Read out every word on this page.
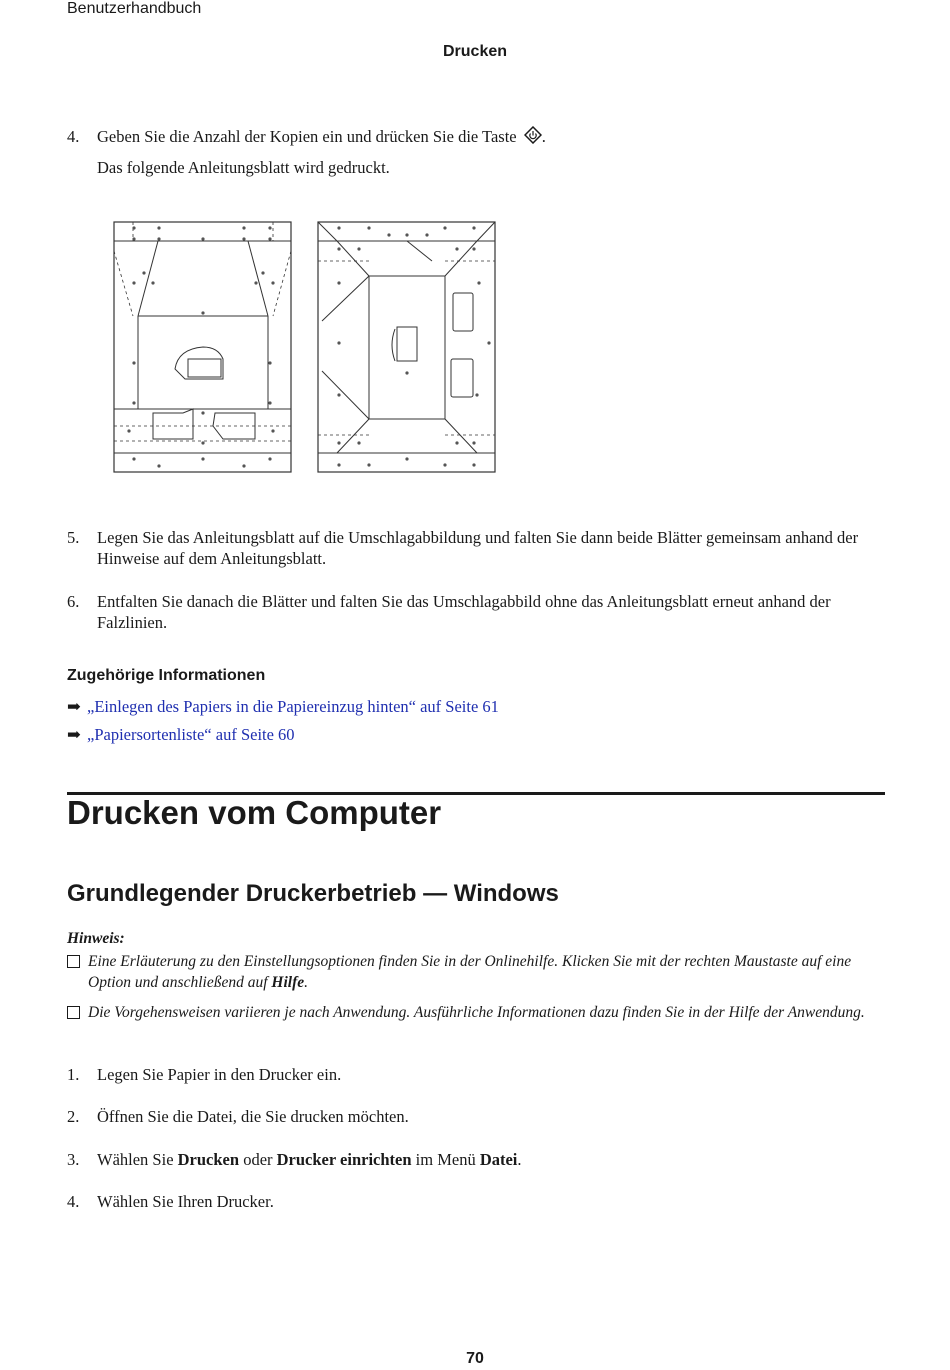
Benutzerhandbuch
Drucken
4. Geben Sie die Anzahl der Kopien ein und drücken Sie die Taste .
Das folgende Anleitungsblatt wird gedruckt.
5. Legen Sie das Anleitungsblatt auf die Umschlagabbildung und falten Sie dann beide Blätter gemeinsam anhand der Hinweise auf dem Anleitungsblatt.
6. Entfalten Sie danach die Blätter und falten Sie das Umschlagabbild ohne das Anleitungsblatt erneut anhand der Falzlinien.
Zugehörige Informationen
➡ „Einlegen des Papiers in die Papiereinzug hinten“ auf Seite 61
➡ „Papiersortenliste“ auf Seite 60
Drucken vom Computer
Grundlegender Druckerbetrieb — Windows
Hinweis:
Eine Erläuterung zu den Einstellungsoptionen finden Sie in der Onlinehilfe. Klicken Sie mit der rechten Maustaste auf eine Option und anschließend auf Hilfe.
Die Vorgehensweisen variieren je nach Anwendung. Ausführliche Informationen dazu finden Sie in der Hilfe der Anwendung.
1. Legen Sie Papier in den Drucker ein.
2. Öffnen Sie die Datei, die Sie drucken möchten.
3. Wählen Sie Drucken oder Drucker einrichten im Menü Datei.
4. Wählen Sie Ihren Drucker.
70
